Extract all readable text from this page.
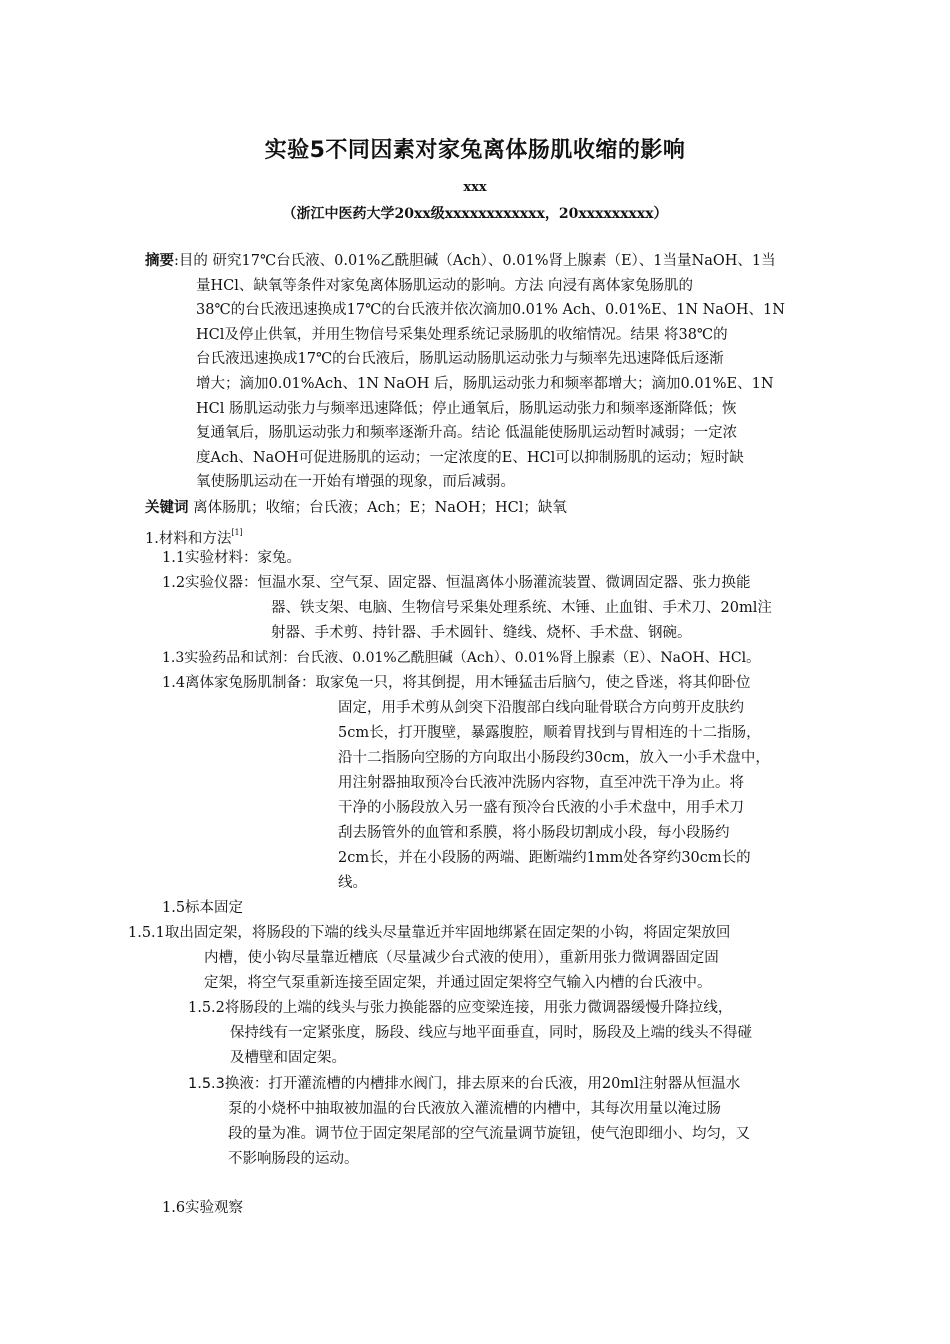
实验5不同因素对家兔离体肠肌收缩的影响
xxx
（浙江中医药大学20xx级xxxxxxxxxxxx，20xxxxxxxxx）
摘要:目的 研究17℃台氏液、0.01%乙酰胆碱（Ach）、0.01%肾上腺素（E）、1当量NaOH、1当
量HCl、缺氧等条件对家兔离体肠肌运动的影响。方法 向浸有离体家兔肠肌的
38℃的台氏液迅速换成17℃的台氏液并依次滴加0.01% Ach、0.01%E、1N NaOH、1N
HCl及停止供氧，并用生物信号采集处理系统记录肠肌的收缩情况。结果 将38℃的
台氏液迅速换成17℃的台氏液后，肠肌运动肠肌运动张力与频率先迅速降低后逐渐
增大；滴加0.01%Ach、1N NaOH 后，肠肌运动张力和频率都增大；滴加0.01%E、1N
HCl 肠肌运动张力与频率迅速降低；停止通氧后，肠肌运动张力和频率逐渐降低；恢
复通氧后，肠肌运动张力和频率逐渐升高。结论 低温能使肠肌运动暂时减弱；一定浓
度Ach、NaOH可促进肠肌的运动；一定浓度的E、HCl可以抑制肠肌的运动；短时缺
氧使肠肌运动在一开始有增强的现象，而后减弱。
关键词 离体肠肌；收缩；台氏液；Ach；E；NaOH；HCl；缺氧
1.材料和方法[1]
1.1实验材料：家兔。
1.2实验仪器：恒温水泵、空气泵、固定器、恒温离体小肠灌流装置、微调固定器、张力换能
器、铁支架、电脑、生物信号采集处理系统、木锤、止血钳、手术刀、20ml注
射器、手术剪、持针器、手术圆针、缝线、烧杯、手术盘、钢碗。
1.3实验药品和试剂：台氏液、0.01%乙酰胆碱（Ach）、0.01%肾上腺素（E）、NaOH、HCl。
1.4离体家兔肠肌制备：取家兔一只，将其倒提，用木锤猛击后脑勺，使之昏迷，将其仰卧位
固定，用手术剪从剑突下沿腹部白线向耻骨联合方向剪开皮肤约
5cm长，打开腹壁，暴露腹腔，顺着胃找到与胃相连的十二指肠，
沿十二指肠向空肠的方向取出小肠段约30cm，放入一小手术盘中，
用注射器抽取预冷台氏液冲洗肠内容物，直至冲洗干净为止。将
干净的小肠段放入另一盛有预冷台氏液的小手术盘中，用手术刀
刮去肠管外的血管和系膜，将小肠段切割成小段，每小段肠约
2cm长，并在小段肠的两端、距断端约1mm处各穿约30cm长的
线。
1.5标本固定
1.5.1取出固定架，将肠段的下端的线头尽量靠近并牢固地绑紧在固定架的小钩，将固定架放回
内槽，使小钩尽量靠近槽底（尽量减少台式液的使用），重新用张力微调器固定固
定架，将空气泵重新连接至固定架，并通过固定架将空气输入内槽的台氏液中。
1.5.2将肠段的上端的线头与张力换能器的应变梁连接，用张力微调器缓慢升降拉线，
保持线有一定紧张度，肠段、线应与地平面垂直，同时，肠段及上端的线头不得碰
及槽壁和固定架。
1.5.3换液：打开灌流槽的内槽排水阀门，排去原来的台氏液，用20ml注射器从恒温水
泵的小烧杯中抽取被加温的台氏液放入灌流槽的内槽中，其每次用量以淹过肠
段的量为准。调节位于固定架尾部的空气流量调节旋钮，使气泡即细小、均匀，又
不影响肠段的运动。
1.6实验观察
